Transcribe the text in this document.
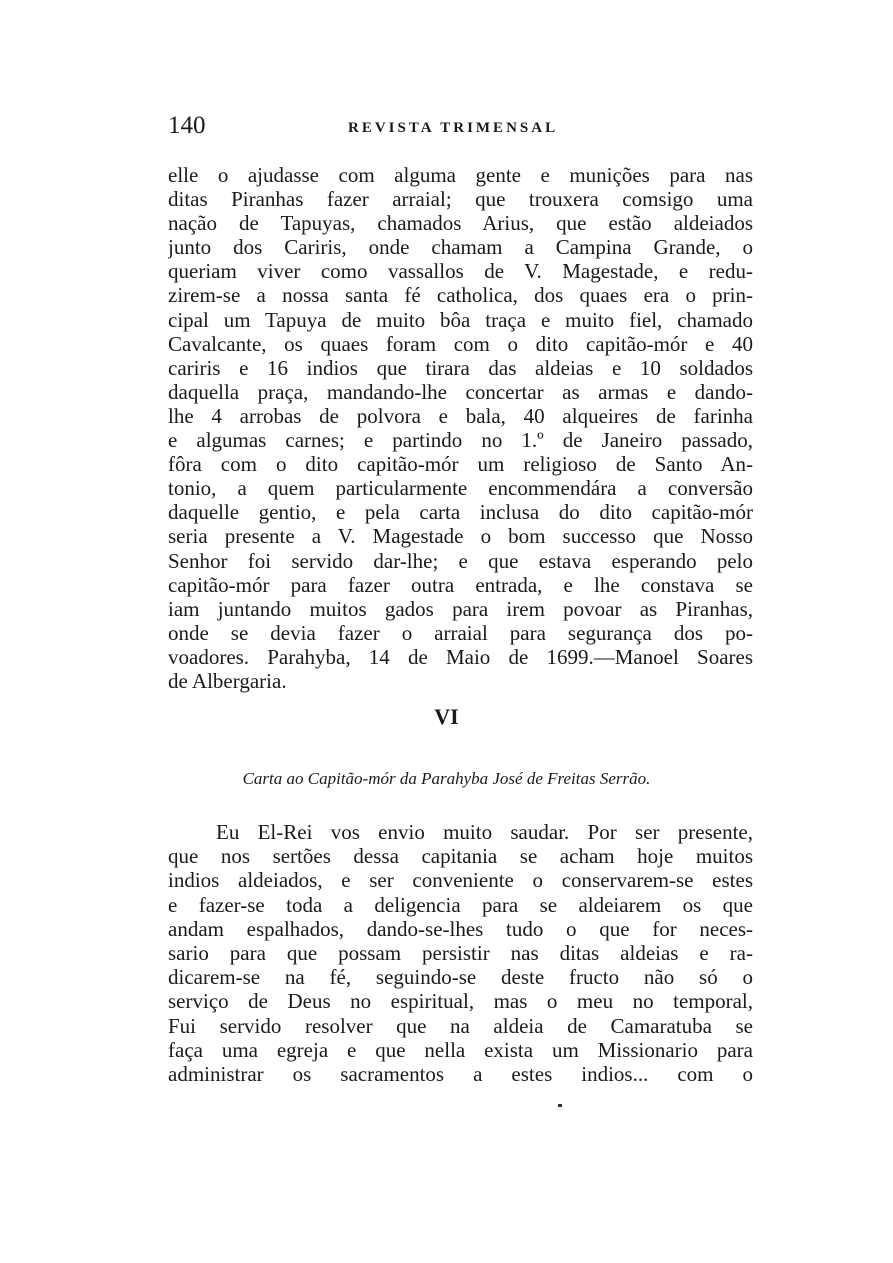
140	REVISTA TRIMENSAL
elle o ajudasse com alguma gente e munições para nas
ditas Piranhas fazer arraial; que trouxera comsigo uma
nação de Tapuyas, chamados Arius, que estão aldeiados
junto dos Cariris, onde chamam a Campina Grande, o
queriam viver como vassallos de V. Magestade, e redu-
zirem-se a nossa santa fé catholica, dos quaes era o prin-
cipal um Tapuya de muito bôa traça e muito fiel, chamado
Cavalcante, os quaes foram com o dito capitão-mór e 40
cariris e 16 indios que tirara das aldeias e 10 soldados
daquella praça, mandando-lhe concertar as armas e dando-
lhe 4 arrobas de polvora e bala, 40 alqueires de farinha
e algumas carnes; e partindo no 1.º de Janeiro passado,
fôra com o dito capitão-mór um religioso de Santo An-
tonio, a quem particularmente encommendára a conversão
daquelle gentio, e pela carta inclusa do dito capitão-mór
seria presente a V. Magestade o bom successo que Nosso
Senhor foi servido dar-lhe; e que estava esperando pelo
capitão-mór para fazer outra entrada, e lhe constava se
iam juntando muitos gados para irem povoar as Piranhas,
onde se devia fazer o arraial para segurança dos po-
voadores. Parahyba, 14 de Maio de 1699.—Manoel Soares
de Albergaria.
VI
Carta ao Capitão-mór da Parahyba José de Freitas Serrão.
Eu El-Rei vos envio muito saudar. Por ser presente,
que nos sertões dessa capitania se acham hoje muitos
indios aldeiados, e ser conveniente o conservarem-se estes
e fazer-se toda a deligencia para se aldeiarem os que
andam espalhados, dando-se-lhes tudo o que for neces-
sario para que possam persistir nas ditas aldeias e ra-
dicarem-se na fé, seguindo-se deste fructo não só o
serviço de Deus no espiritual, mas o meu no temporal,
Fui servido resolver que na aldeia de Camaratuba se
faça uma egreja e que nella exista um Missionario para
administrar os sacramentos a estes indios... com o
